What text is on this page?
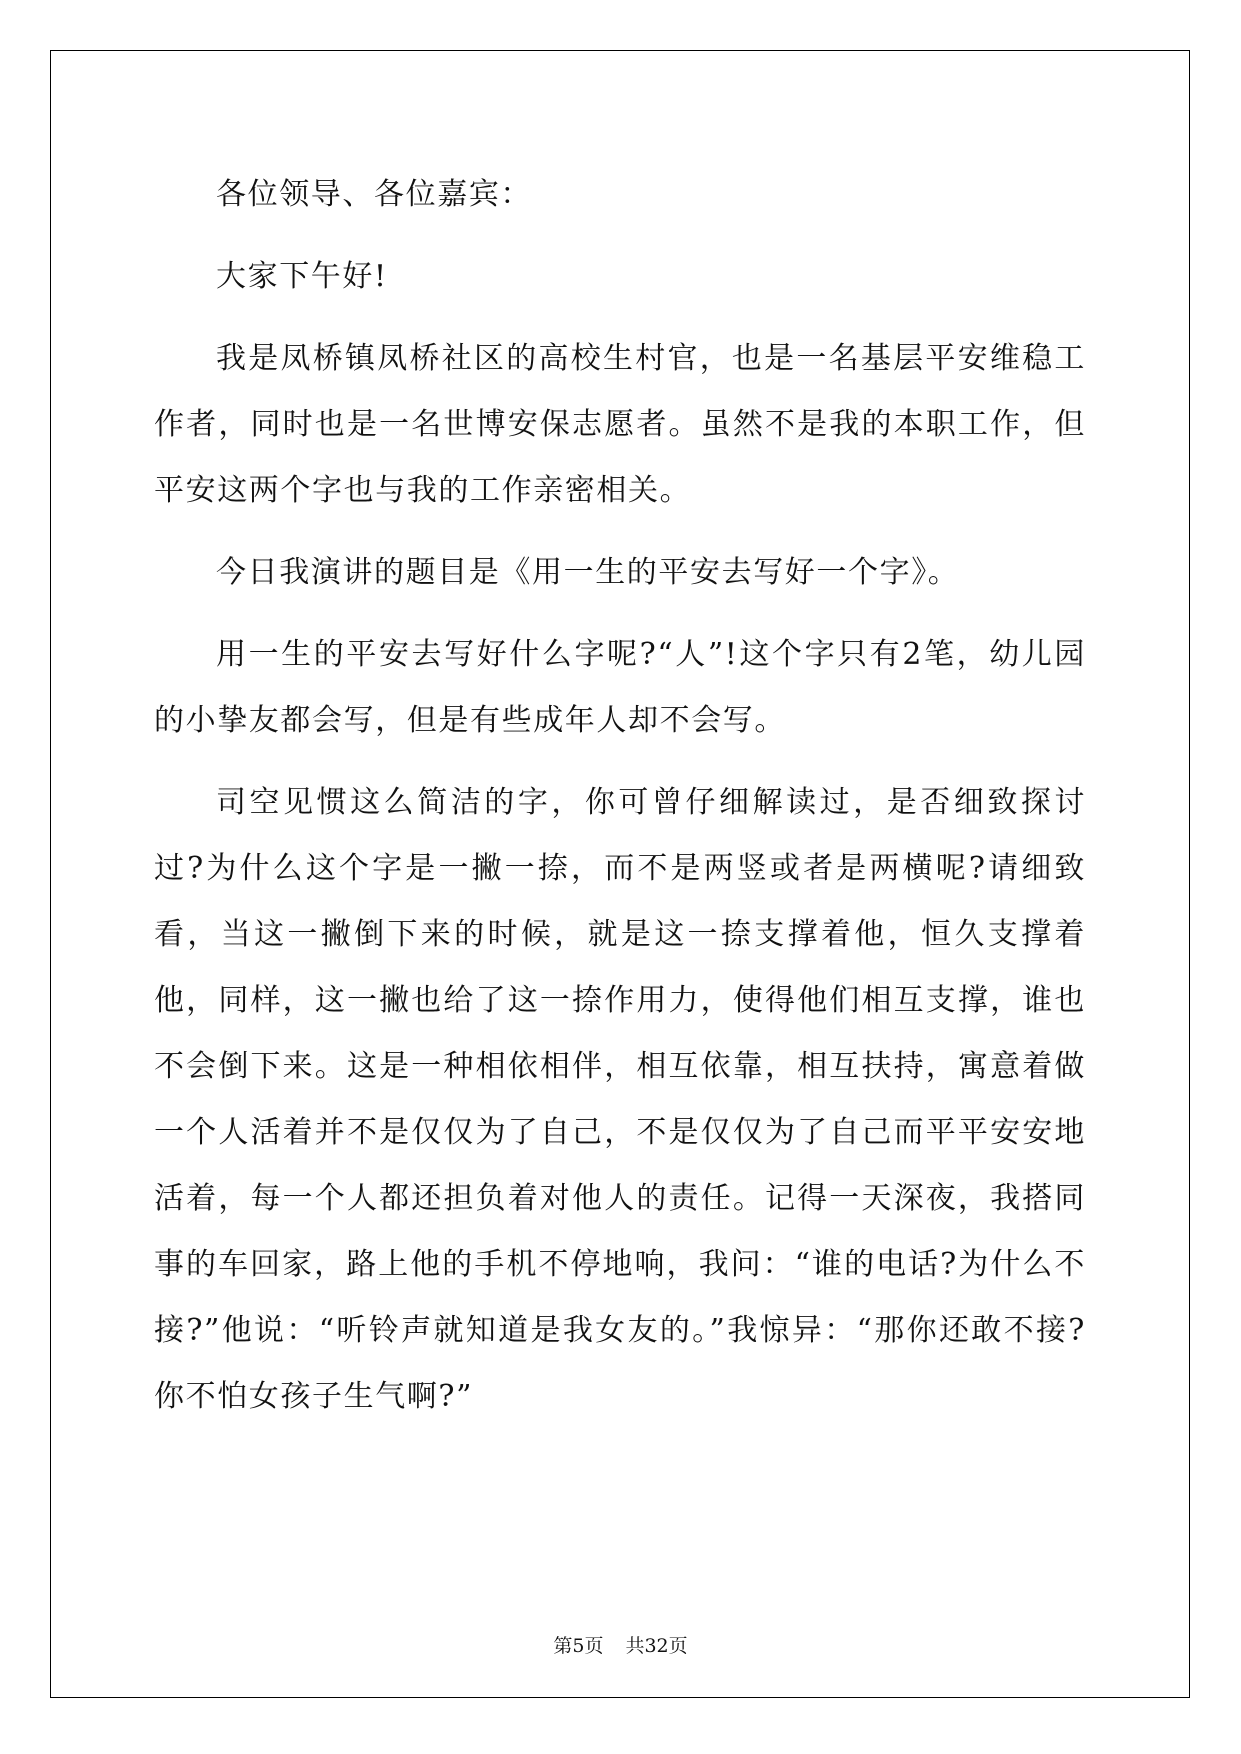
各位领导、各位嘉宾：

大家下午好!

我是凤桥镇凤桥社区的高校生村官，也是一名基层平安维稳工作者，同时也是一名世博安保志愿者。虽然不是我的本职工作，但平安这两个字也与我的工作亲密相关。

今日我演讲的题目是《用一生的平安去写好一个字》。

用一生的平安去写好什么字呢?“人”!这个字只有2笔，幼儿园的小挚友都会写，但是有些成年人却不会写。

司空见惯这么简洁的字，你可曾仔细解读过，是否细致探讨过?为什么这个字是一撇一捺，而不是两竖或者是两横呢?请细致看，当这一撇倒下来的时候，就是这一捺支撑着他，恒久支撑着他，同样，这一撇也给了这一捺作用力，使得他们相互支撑，谁也不会倒下来。这是一种相依相伴，相互依靠，相互扶持，寓意着做一个人活着并不是仅仅为了自己，不是仅仅为了自己而平平安安地活着，每一个人都还担负着对他人的责任。记得一天深夜，我搭同事的车回家，路上他的手机不停地响，我问：“谁的电话?为什么不接?”他说：“听铃声就知道是我女友的。”我惊异：“那你还敢不接?你不怕女孩子生气啊?”

第5页 共32页
